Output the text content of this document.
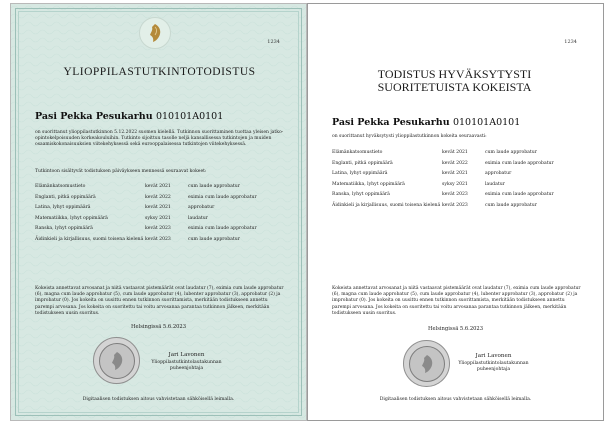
1234
YLIOPPILASTUTKINTOTODISTUS
Pasi Pekka Pesukarhu 010101A0101
on suorittanut ylioppilastutkinnon 5.12.2022 suomen kielellä. Tutkinnon suorittaminen tuottaa yleisen jatko-opintokelpoisuuden korkeakouluihin. Tutkinto sijoittuu tasolle neljä kansallisessa tutkintojen ja muiden osaamiskokonaisuuksien viitekehyksessä sekä eurooppalaisessa tutkintojen viitekehyksessä.
Tutkintoon sisältyvät todistuksen päiväykseen mennessä seuraavat kokeet:
Elämänkatsomustieto	kevät 2021	cum laude approbatur
Englanti, pitkä oppimäärä	kevät 2022	eximia cum laude approbatur
Latina, lyhyt oppimäärä	kevät 2021	approbatur
Matematiikka, lyhyt oppimäärä	syksy 2021	laudatur
Ranska, lyhyt oppimäärä	kevät 2023	eximia cum laude approbatur
Äidinkieli ja kirjallisuus, suomi toisena kielenä	kevät 2023	cum laude approbatur
Kokeista annettavat arvosanat ja niitä vastaavat pistemäärät ovat laudatur (7), eximia cum laude approbatur (6), magna cum laude approbatur (5), cum laude approbatur (4), lubenter approbatur (3), approbatur (2) ja improbatur (0). Jos kokeita on uusittu ennen tutkinnon suorittamista, merkitään todistukseen annettu parempi arvosana. Jos kokeita on suoritettu tai voitu arvosanaa parantaa tutkinnon jälkeen, merkitään todistukseen uusin suoritus.
Helsingissä 5.6.2023
Jari Lavonen
Ylioppilastutkintolautakunnan puheenjohtaja
Digitaalisen todistuksen aitous vahvistetaan sähköisellä leimalla.
1234
TODISTUS HYVÄKSYTYSTI
SUORITETUISTA KOKEISTA
Pasi Pekka Pesukarhu 010101A0101
on suorittanut hyväksytysti ylioppilastutkinnon kokeita seuraavasti:
Elämänkatsomustieto	kevät 2021	cum laude approbatur
Englanti, pitkä oppimäärä	kevät 2022	eximia cum laude approbatur
Latina, lyhyt oppimäärä	kevät 2021	approbatur
Matematiikka, lyhyt oppimäärä	syksy 2021	laudatur
Ranska, lyhyt oppimäärä	kevät 2023	eximia cum laude approbatur
Äidinkieli ja kirjallisuus, suomi toisena kielenä	kevät 2023	cum laude approbatur
Kokeista annettavat arvosanat ja niitä vastaavat pistemäärät ovat laudatur (7), eximia cum laude approbatur (6), magna cum laude approbatur (5), cum laude approbatur (4), lubenter approbatur (3), approbatur (2) ja improbatur (0). Jos kokeita on uusittu ennen tutkinnon suorittamista, merkitään todistukseen annettu parempi arvosana. Jos kokeita on suoritettu tai voitu arvosanaa parantaa tutkinnon jälkeen, merkitään todistukseen uusin suoritus.
Helsingissä 5.6.2023
Jari Lavonen
Ylioppilastutkintolautakunnan puheenjohtaja
Digitaalisen todistuksen aitous vahvistetaan sähköisellä leimalla.
